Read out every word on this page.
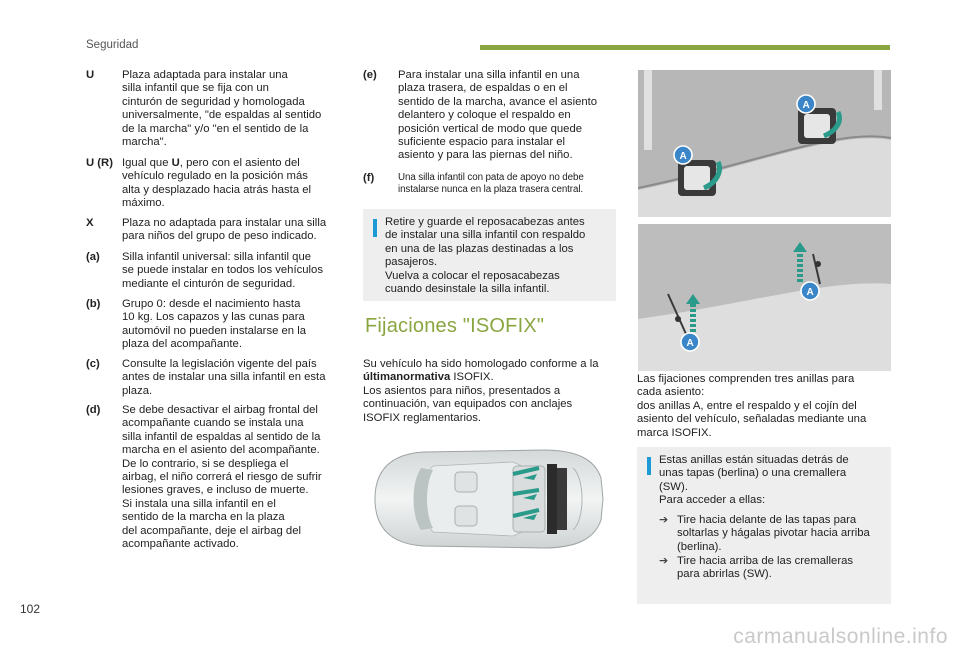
Seguridad
U Plaza adaptada para instalar una
silla infantil que se fija con un
cinturón de seguridad y homologada
universalmente, "de espaldas al sentido
de la marcha" y/o "en el sentido de la
marcha".
U (R) Igual que U, pero con el asiento del
vehículo regulado en la posición más
alta y desplazado hacia atrás hasta el
máximo.
X	Plaza no adaptada para instalar una silla
para niños del grupo de peso indicado.
(a) Silla infantil universal: silla infantil que
se puede instalar en todos los vehículos
mediante el cinturón de seguridad.
(b) Grupo 0: desde el nacimiento hasta
10 kg. Los capazos y las cunas para
automóvil no pueden instalarse en la
plaza del acompañante.
(c) Consulte la legislación vigente del país
antes de instalar una silla infantil en esta
plaza.
(d) Se debe desactivar el airbag frontal del
acompañante cuando se instala una
silla infantil de espaldas al sentido de la
marcha en el asiento del acompañante.
De lo contrario, si se despliega el
airbag, el niño correrá el riesgo de sufrir
lesiones graves, e incluso de muerte.
Si instala una silla infantil en el
sentido de la marcha en la plaza
del acompañante, deje el airbag del
acompañante activado.
(e) Para instalar una silla infantil en una
plaza trasera, de espaldas o en el
sentido de la marcha, avance el asiento
delantero y coloque el respaldo en
posición vertical de modo que quede
suficiente espacio para instalar el
asiento y para las piernas del niño.
(f) Una silla infantil con pata de apoyo no debe
instalarse nunca en la plaza trasera central.
Retire y guarde el reposacabezas antes
de instalar una silla infantil con respaldo
en una de las plazas destinadas a los
pasajeros.
Vuelva a colocar el reposacabezas
cuando desinstale la silla infantil.
Fijaciones "ISOFIX"
Su vehículo ha sido homologado conforme a la
últimanormativa ISOFIX.
Los asientos para niños, presentados a
continuación, van equipados con anclajes
ISOFIX reglamentarios.
A
A
A
A
Las fijaciones comprenden tres anillas para
cada asiento:
dos anillas A, entre el respaldo y el cojín del
asiento del vehículo, señaladas mediante una
marca ISOFIX.
Estas anillas están situadas detrás de
unas tapas (berlina) o una cremallera
(SW).
Para acceder a ellas:
➔ Tire hacia delante de las tapas para
soltarlas y hágalas pivotar hacia arriba
(berlina).
➔ Tire hacia arriba de las cremalleras
para abrirlas (SW).
102
carmanualsonline.info
